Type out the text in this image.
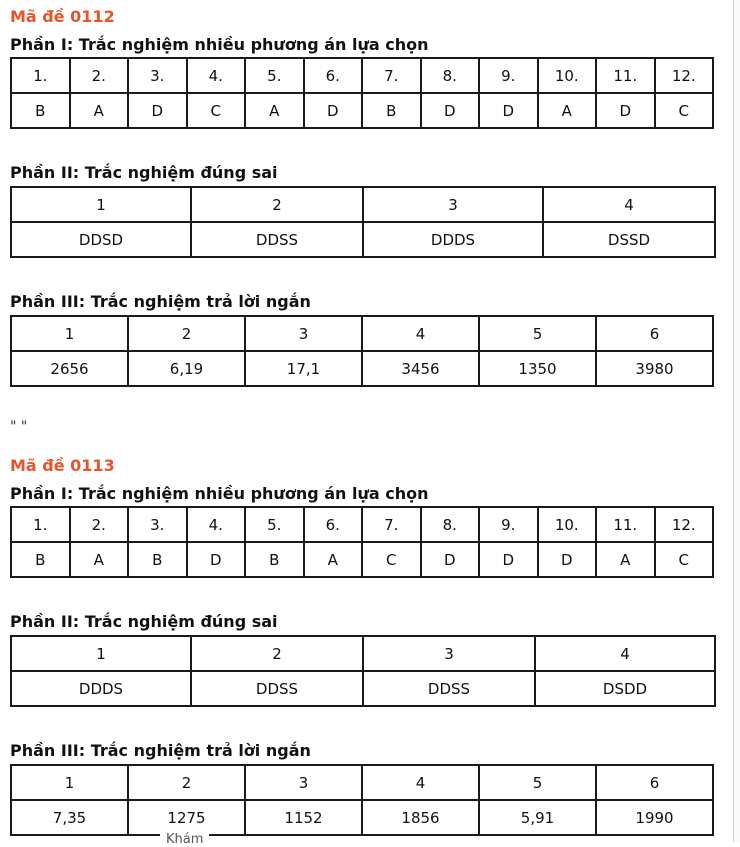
Mã đề 0112
Phần I: Trắc nghiệm nhiều phương án lựa chọn
1.	2.	3.	4.	5.	6.	7.	8.	9.	10.	11.	12.
B	A	D	C	A	D	B	D	D	A	D	C
Phần II: Trắc nghiệm đúng sai
1	2	3	4
DDSD	DDSS	DDDS	DSSD
Phần III: Trắc nghiệm trả lời ngắn
1	2	3	4	5	6
2656	6,19	17,1	3456	1350	3980
" "
Mã đề 0113
Phần I: Trắc nghiệm nhiều phương án lựa chọn
1.	2.	3.	4.	5.	6.	7.	8.	9.	10.	11.	12.
B	A	B	D	B	A	C	D	D	D	A	C
Phần II: Trắc nghiệm đúng sai
1	2	3	4
DDDS	DDSS	DDSS	DSDD
Phần III: Trắc nghiệm trả lời ngắn
1	2	3	4	5	6
7,35	1275	1152	1856	5,91	1990
Khám
